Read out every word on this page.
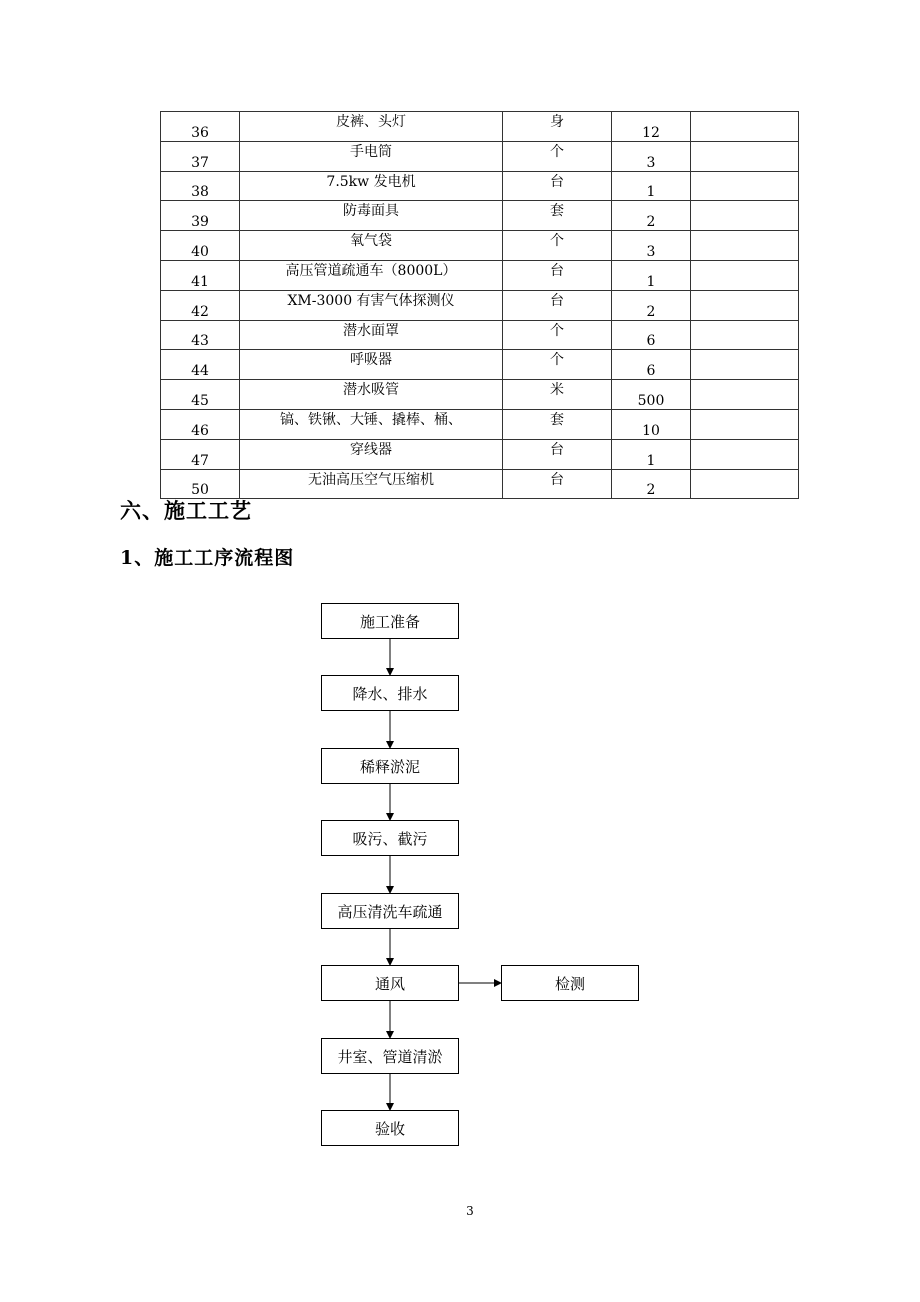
36	皮裤、头灯	身	12	
37	手电筒	个	3	
38	7.5kw 发电机	台	1	
39	防毒面具	套	2	
40	氧气袋	个	3	
41	高压管道疏通车（8000L）	台	1	
42	XM-3000 有害气体探测仪	台	2	
43	潜水面罩	个	6	
44	呼吸器	个	6	
45	潜水吸管	米	500	
46	镐、铁锹、大锤、撬棒、桶、	套	10	
47	穿线器	台	1	
50	无油高压空气压缩机	台	2	
六、施工工艺
1、施工工序流程图
施工准备
降水、排水
稀释淤泥
吸污、截污
高压清洗车疏通
通风	检测
井室、管道清淤
验收
3
